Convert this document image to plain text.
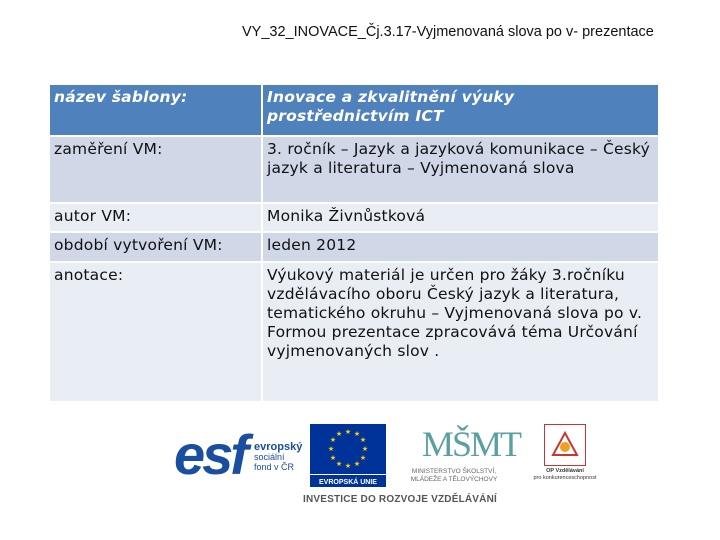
VY_32_INOVACE_Čj.3.17-Vyjmenovaná slova po v- prezentace
název šablony:	Inovace a zkvalitnění výuky prostřednictvím ICT
zaměření VM:	3. ročník – Jazyk a jazyková komunikace – Český jazyk a literatura – Vyjmenovaná slova
autor VM:	Monika Živnůstková
období vytvoření VM:	leden 2012
anotace:	Výukový materiál je určen pro žáky 3.ročníku vzdělávacího oboru Český jazyk a literatura, tematického okruhu – Vyjmenovaná slova po v. Formou prezentace zpracovává téma Určování vyjmenovaných slov .
esf evropský
sociální
fond v ČR
★ ★
★
★
★
★
★
★
★
★
★
★
EVROPSKÁ UNIE
MŠMT
MINISTERSTVO ŠKOLSTVÍ,
MLÁDEŽE A TĚLOVÝCHOVY
OP Vzdělávání
pro konkurenceschopnost
INVESTICE DO ROZVOJE VZDĚLÁVÁNÍ
